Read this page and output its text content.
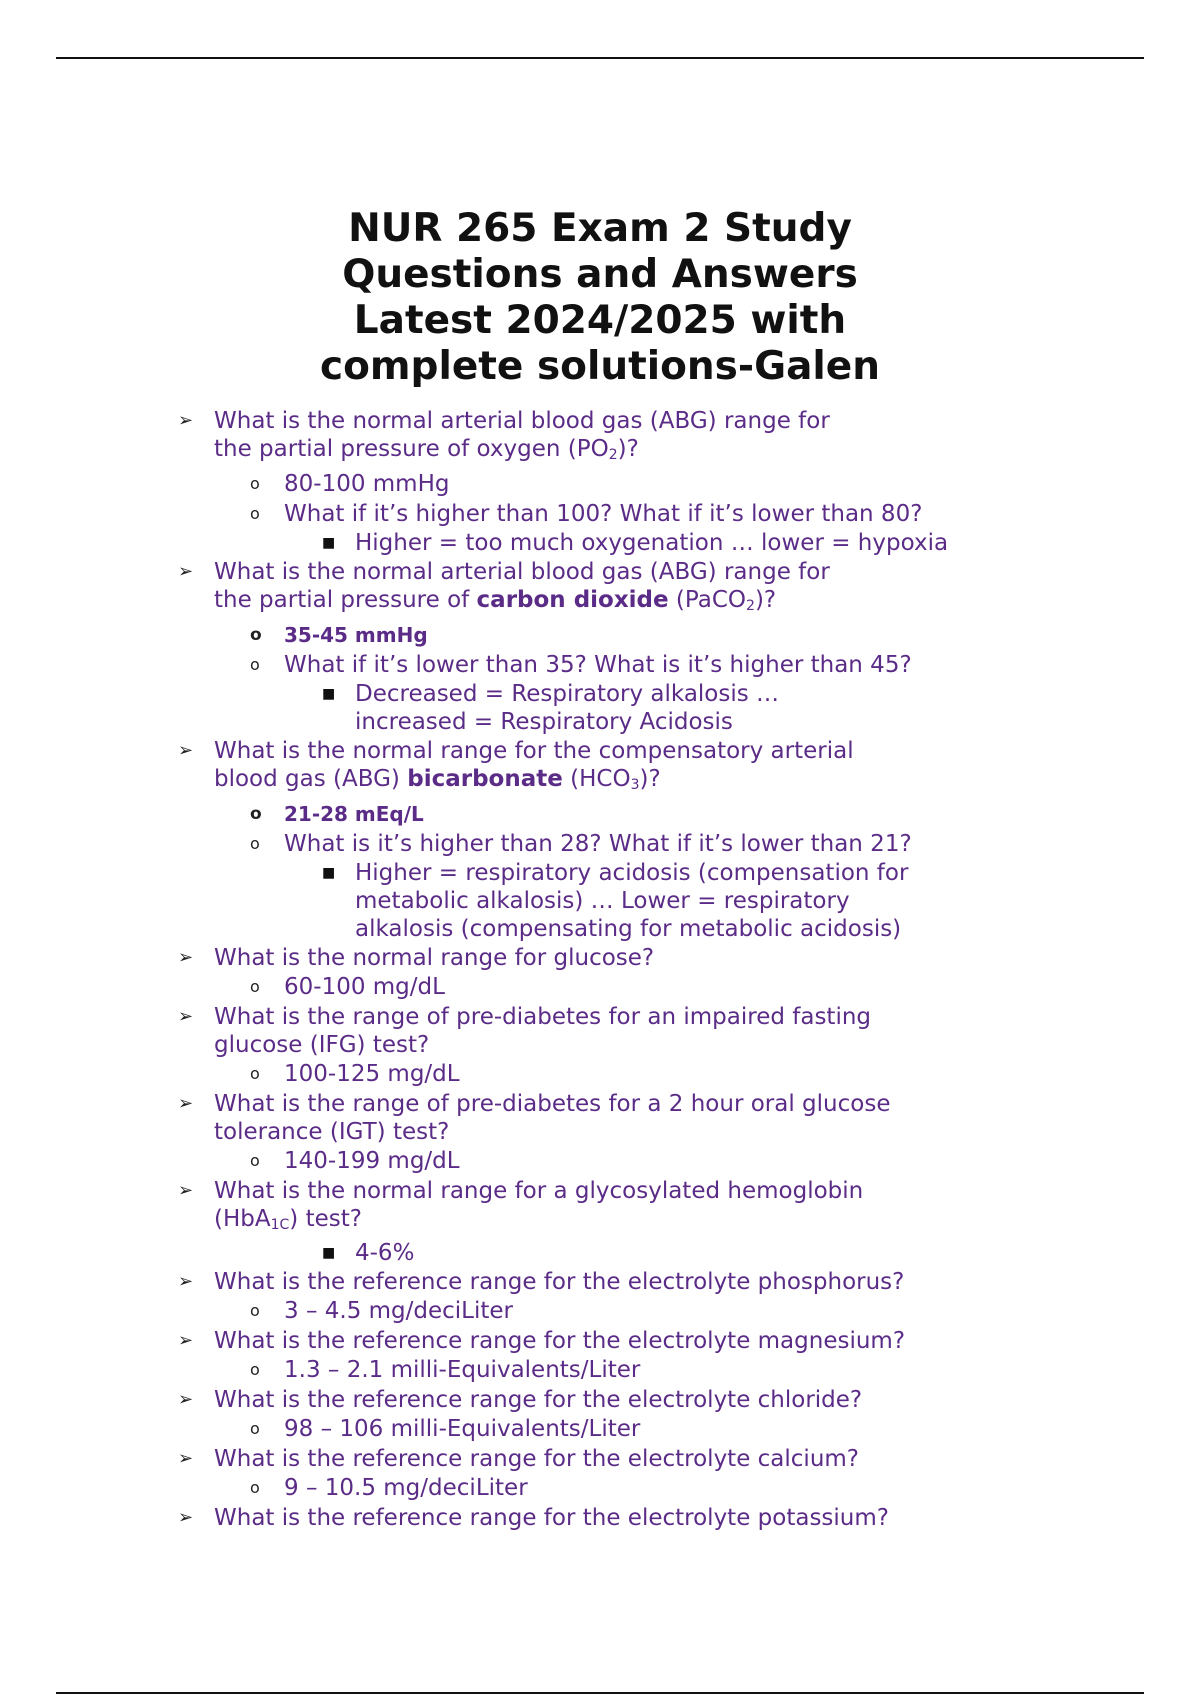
NUR 265 Exam 2 Study
Questions and Answers
Latest 2024/2025 with
complete solutions-Galen
➢ What is the normal arterial blood gas (ABG) range for
the partial pressure of oxygen $(PO_2)$?
o 80-100 mmHg
o What if it’s higher than 100? What if it’s lower than 80?
■ Higher = too much oxygenation … lower = hypoxia
➢ What is the normal arterial blood gas (ABG) range for
the partial pressure of carbon dioxide (PaCO$_2$)?
o 35-45 mmHg
o What if it’s lower than 35? What is it’s higher than 45?
■ Decreased = Respiratory alkalosis …
increased = Respiratory Acidosis
➢ What is the normal range for the compensatory arterial
blood gas (ABG) bicarbonate $(HCO_3)$?
o 21-28 mEq/L
o What is it’s higher than 28? What if it’s lower than 21?
■ Higher = respiratory acidosis (compensation for
metabolic alkalosis) … Lower = respiratory
alkalosis (compensating for metabolic acidosis)
➢ What is the normal range for glucose?
o 60-100 mg/dL
➢ What is the range of pre-diabetes for an impaired fasting
glucose (IFG) test?
o 100-125 mg/dL
➢ What is the range of pre-diabetes for a 2 hour oral glucose
tolerance (IGT) test?
o 140-199 mg/dL
➢ What is the normal range for a glycosylated hemoglobin
(HbA$_{1C}$) test?
■ 4-6%
➢ What is the reference range for the electrolyte phosphorus?
o 3 – 4.5 mg/deciLiter
➢ What is the reference range for the electrolyte magnesium?
o 1.3 – 2.1 milli-Equivalents/Liter
➢ What is the reference range for the electrolyte chloride?
o 98 – 106 milli-Equivalents/Liter
➢ What is the reference range for the electrolyte calcium?
o 9 – 10.5 mg/deciLiter
➢ What is the reference range for the electrolyte potassium?
